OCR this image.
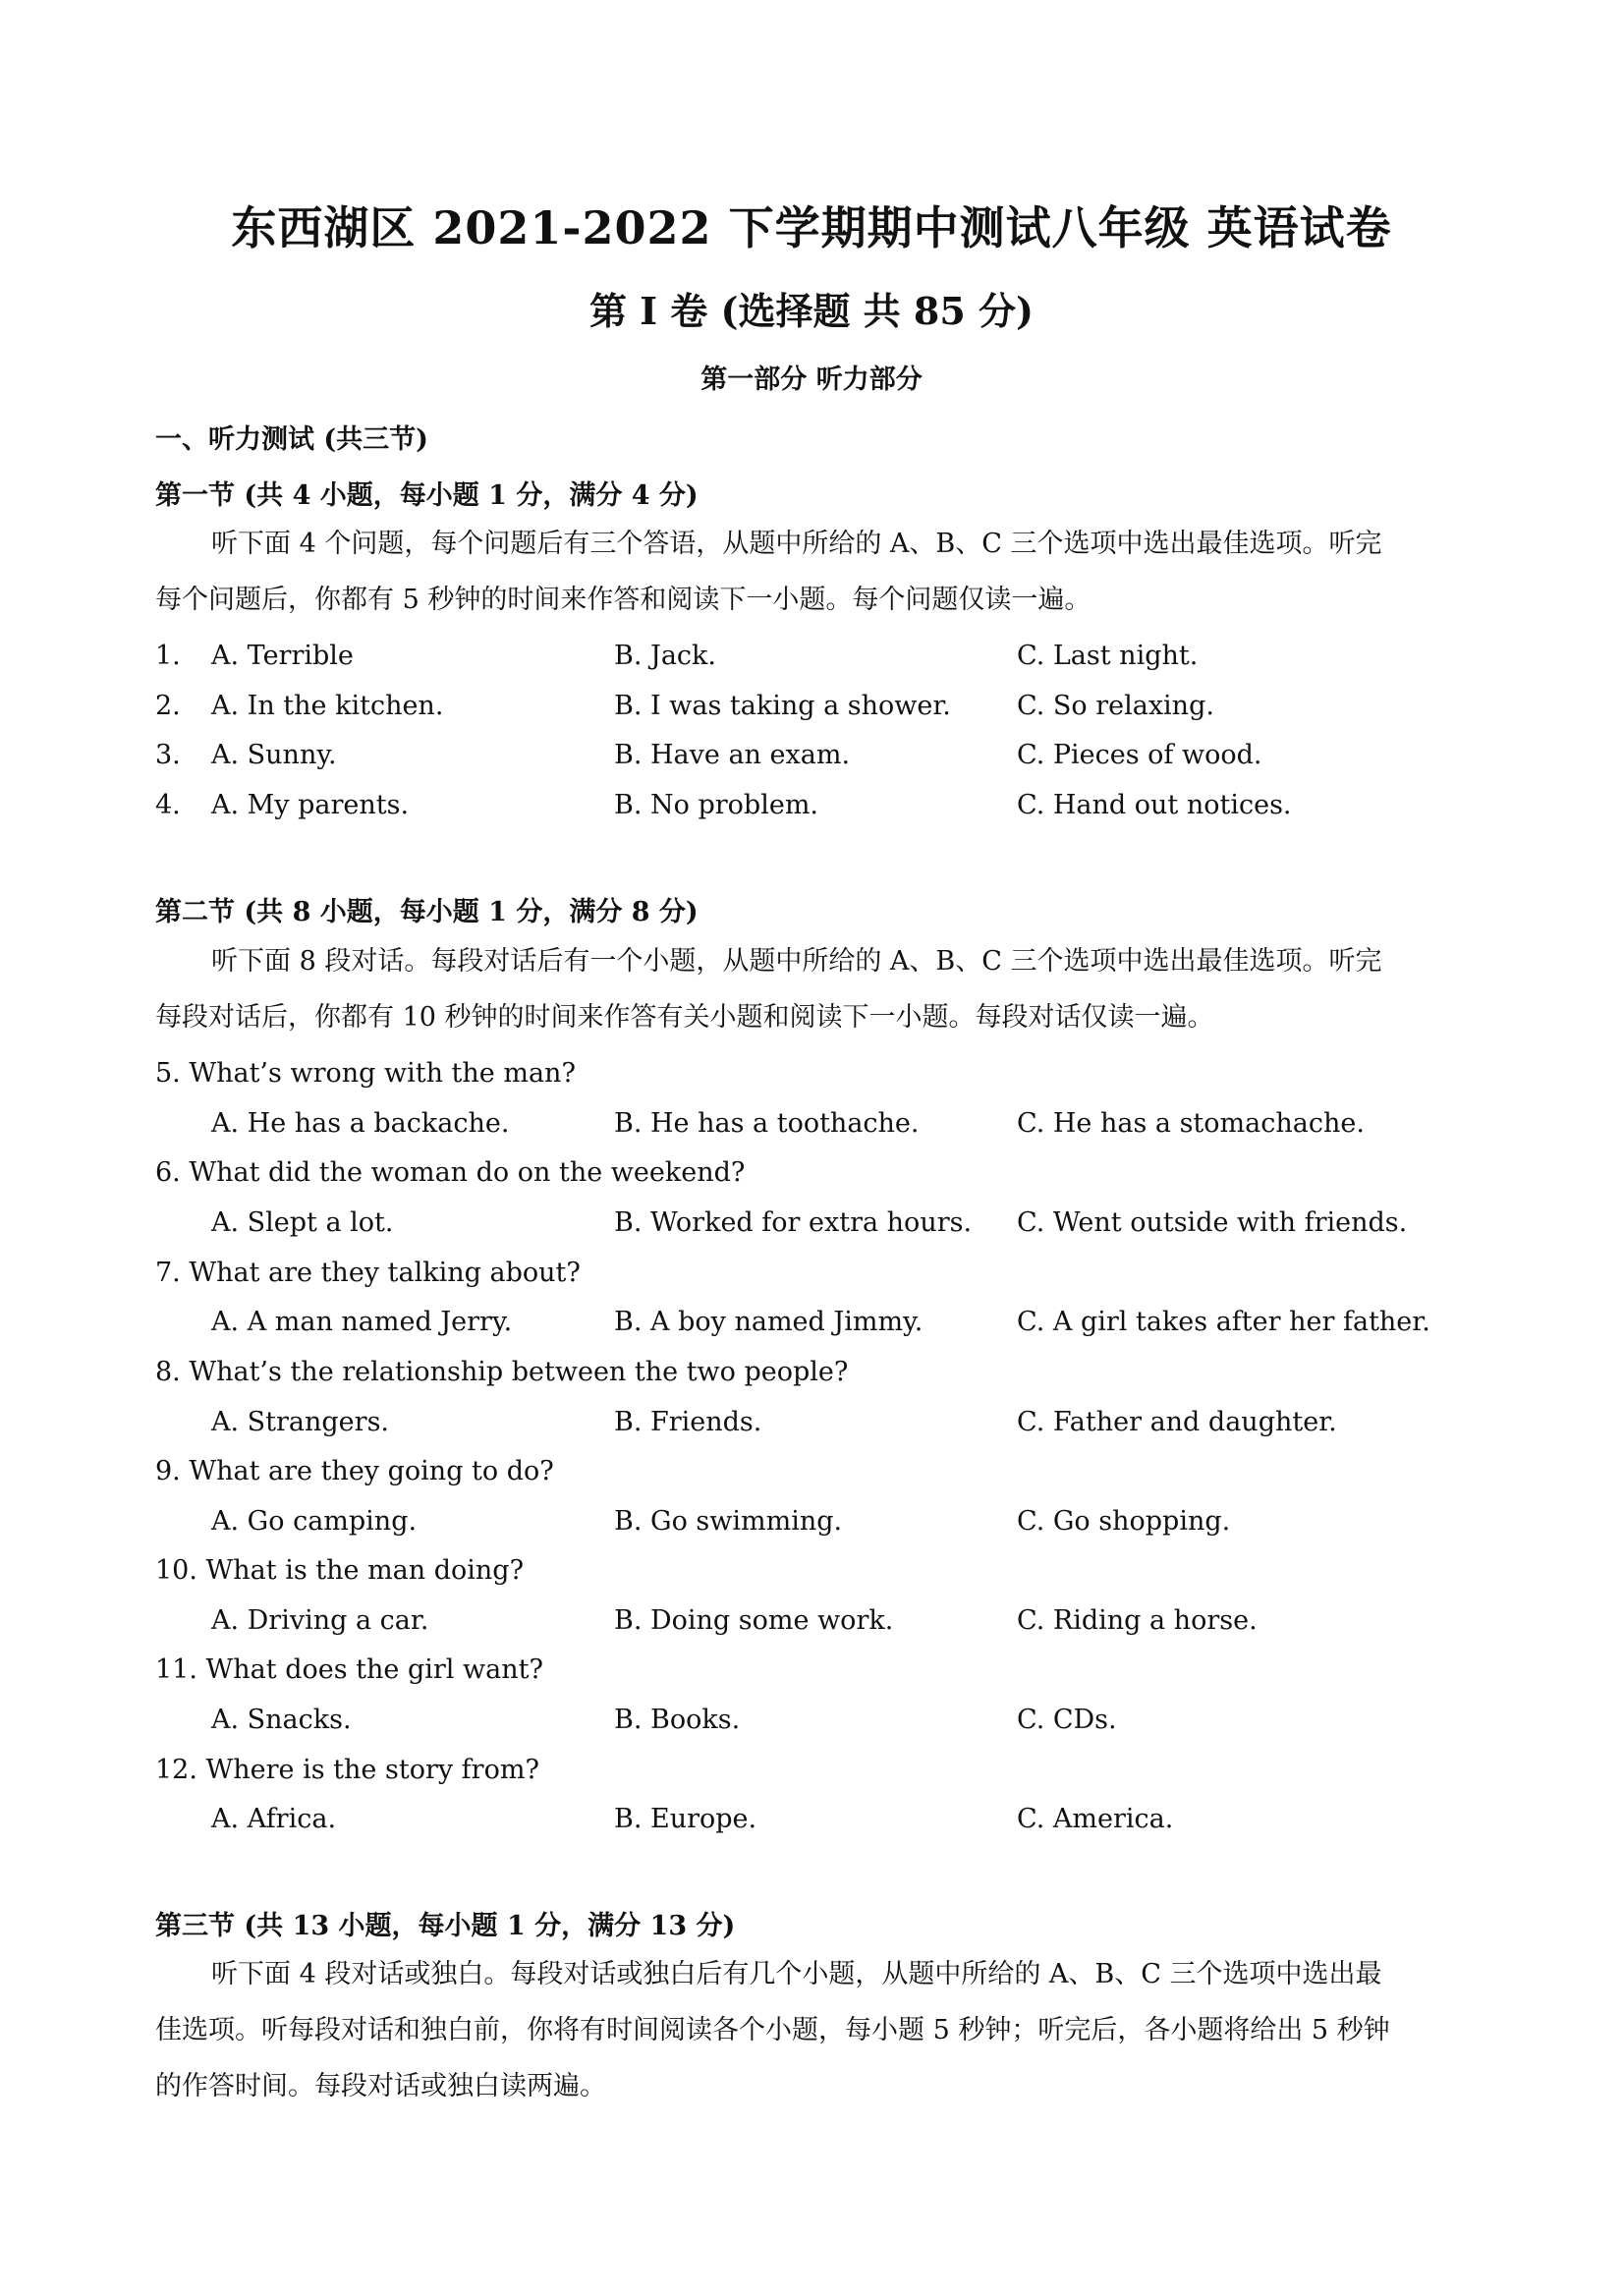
东西湖区 2021-2022 下学期期中测试八年级 英语试卷
第 I 卷 (选择题 共 85 分)
第一部分 听力部分
一、听力测试 (共三节)
第一节 (共 4 小题，每小题 1 分，满分 4 分)
听下面 4 个问题，每个问题后有三个答语，从题中所给的 A、B、C 三个选项中选出最佳选项。听完
每个问题后，你都有 5 秒钟的时间来作答和阅读下一小题。每个问题仅读一遍。
1. A. Terrible	B. Jack.	C. Last night.
2. A. In the kitchen.	B. I was taking a shower. C. So relaxing.
3. A. Sunny.	B. Have an exam.	C. Pieces of wood.
4. A. My parents.	B. No problem.	C. Hand out notices.
第二节 (共 8 小题，每小题 1 分，满分 8 分)
听下面 8 段对话。每段对话后有一个小题，从题中所给的 A、B、C 三个选项中选出最佳选项。听完
每段对话后，你都有 10 秒钟的时间来作答有关小题和阅读下一小题。每段对话仅读一遍。
5. What’s wrong with the man?
A. He has a backache.	B. He has a toothache.	C. He has a stomachache.
6. What did the woman do on the weekend?
A. Slept a lot.	B. Worked for extra hours. C. Went outside with friends.
7. What are they talking about?
A. A man named Jerry.	B. A boy named Jimmy.	C. A girl takes after her father.
8. What’s the relationship between the two people?
A. Strangers.	B. Friends.	C. Father and daughter.
9. What are they going to do?
A. Go camping.	B. Go swimming.	C. Go shopping.
10. What is the man doing?
A. Driving a car.	B. Doing some work.	C. Riding a horse.
11. What does the girl want?
A. Snacks.	B. Books.	C. CDs.
12. Where is the story from?
A. Africa.	B. Europe.	C. America.
第三节 (共 13 小题，每小题 1 分，满分 13 分)
听下面 4 段对话或独白。每段对话或独白后有几个小题，从题中所给的 A、B、C 三个选项中选出最
佳选项。听每段对话和独白前，你将有时间阅读各个小题，每小题 5 秒钟；听完后，各小题将给出 5 秒钟
的作答时间。每段对话或独白读两遍。
